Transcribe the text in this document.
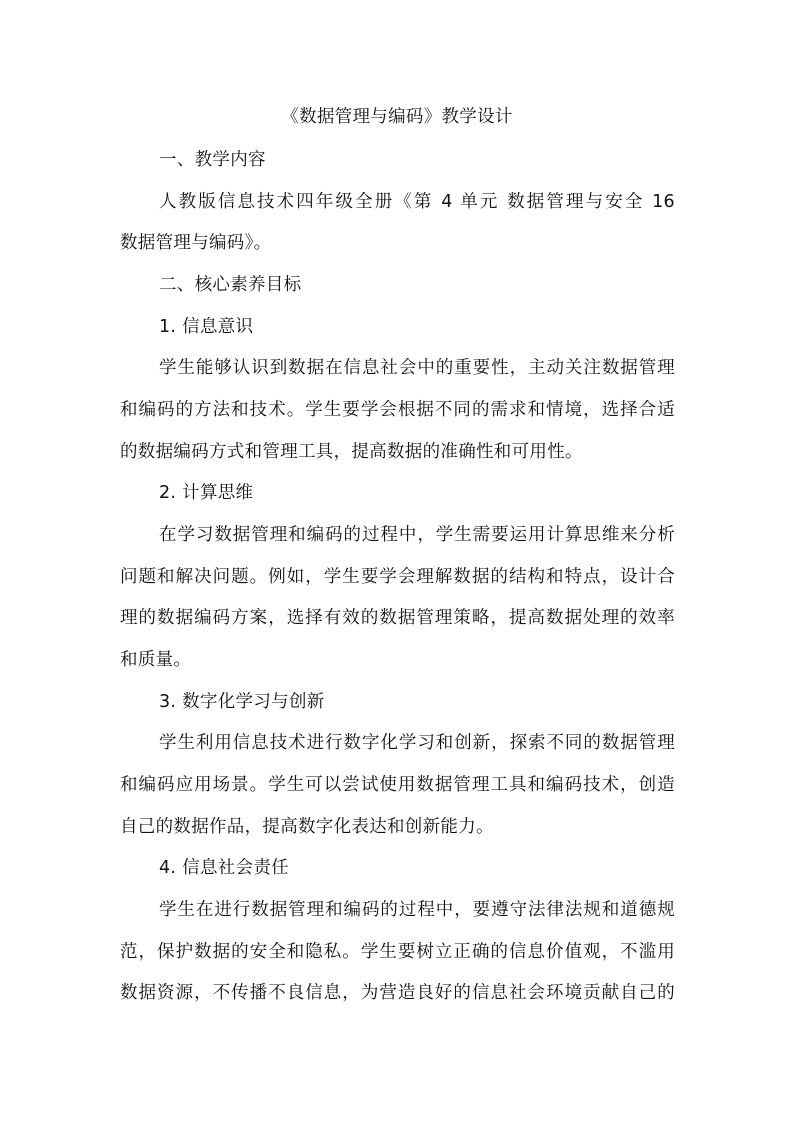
《数据管理与编码》教学设计
一、教学内容
人教版信息技术四年级全册《第 4 单元 数据管理与安全 16
数据管理与编码》。
二、核心素养目标
1. 信息意识
学生能够认识到数据在信息社会中的重要性，主动关注数据管理
和编码的方法和技术。学生要学会根据不同的需求和情境，选择合适
的数据编码方式和管理工具，提高数据的准确性和可用性。
2. 计算思维
在学习数据管理和编码的过程中，学生需要运用计算思维来分析
问题和解决问题。例如，学生要学会理解数据的结构和特点，设计合
理的数据编码方案，选择有效的数据管理策略，提高数据处理的效率
和质量。
3. 数字化学习与创新
学生利用信息技术进行数字化学习和创新，探索不同的数据管理
和编码应用场景。学生可以尝试使用数据管理工具和编码技术，创造
自己的数据作品，提高数字化表达和创新能力。
4. 信息社会责任
学生在进行数据管理和编码的过程中，要遵守法律法规和道德规
范，保护数据的安全和隐私。学生要树立正确的信息价值观，不滥用
数据资源，不传播不良信息，为营造良好的信息社会环境贡献自己的
